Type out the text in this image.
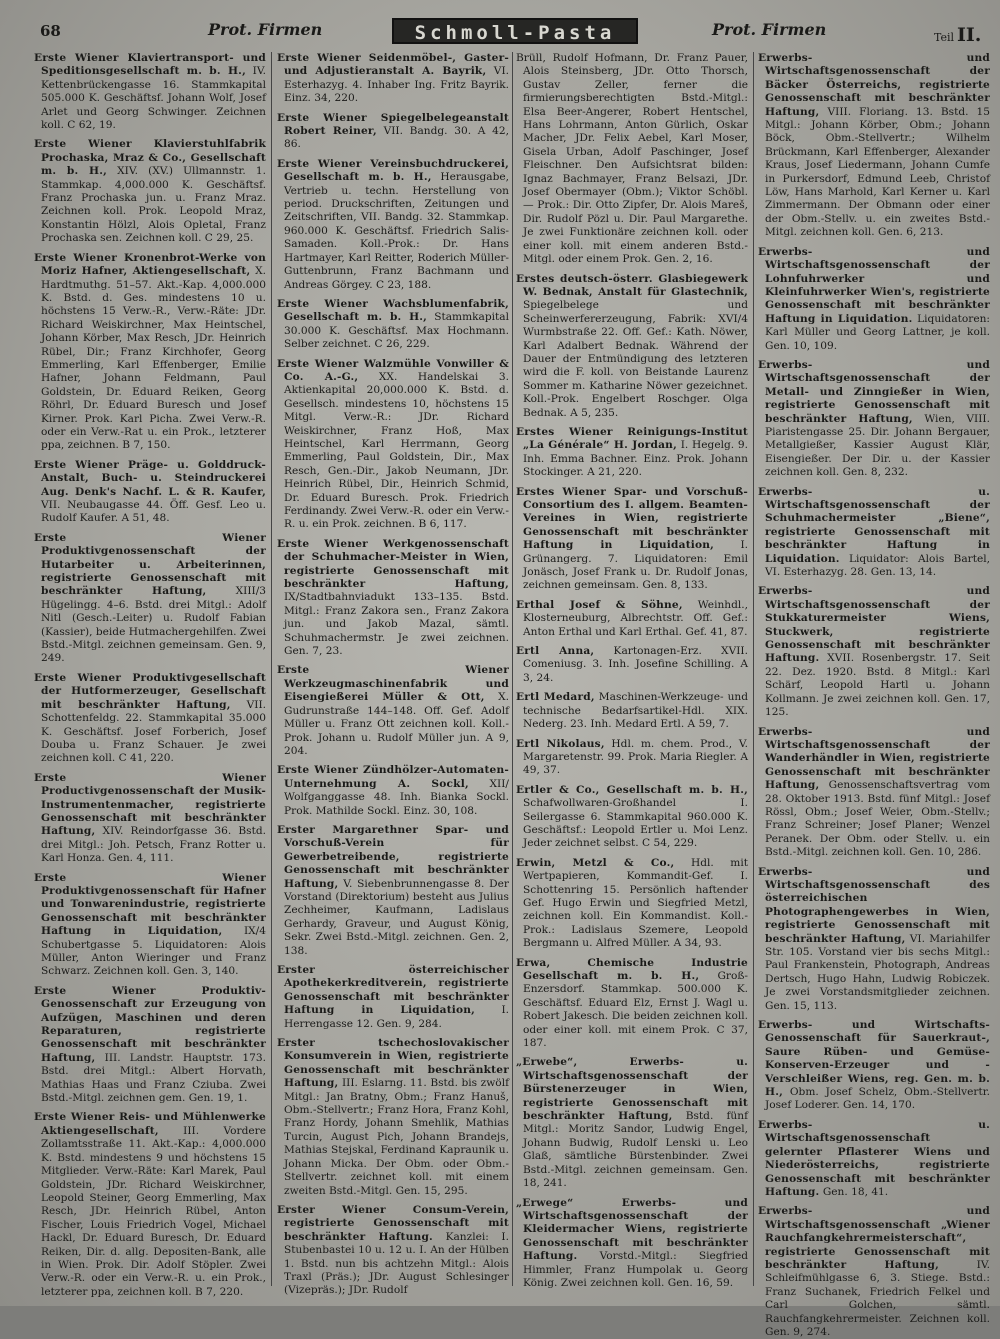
68	Prot. Firmen	Schmoll-Pasta	Prot. Firmen	Teil II.

Erste Wiener Klaviertransport- und Speditionsgesellschaft m. b. H., IV. Kettenbrückengasse 16. Stammkapital 505.000 K. Geschäftsf. Johann Wolf, Josef Arlet und Georg Schwinger. Zeichnen koll. C 62, 19.

Erste Wiener Klavierstuhlfabrik Prochaska, Mraz & Co., Gesellschaft m. b. H., XIV. (XV.) Ullmannstr. 1. Stammkap. 4,000.000 K. Geschäftsf. Franz Prochaska jun. u. Franz Mraz. Zeichnen koll. Prok. Leopold Mraz, Konstantin Hölzl, Alois Opletal, Franz Prochaska sen. Zeichnen koll. C 29, 25.

Erste Wiener Kronenbrot-Werke von Moriz Hafner, Aktiengesellschaft, X. Hardtmuthg. 51–57. Akt.-Kap. 4,000.000 K. Bstd. d. Ges. mindestens 10 u. höchstens 15 Verw.-R., Verw.-Räte: JDr. Richard Weiskirchner, Max Heintschel, Johann Körber, Max Resch, JDr. Heinrich Rübel, Dir.; Franz Kirchhofer, Georg Emmerling, Karl Effenberger, Emilie Hafner, Johann Feldmann, Paul Goldstein, Dr. Eduard Reiken, Georg Röhrl, Dr. Eduard Buresch und Josef Kirner. Prok. Karl Picha. Zwei Verw.-R. oder ein Verw.-Rat u. ein Prok., letzterer ppa, zeichnen. B 7, 150.

Erste Wiener Präge- u. Golddruck-Anstalt, Buch- u. Steindruckerei Aug. Denk's Nachf. L. & R. Kaufer, VII. Neubaugasse 44. Öff. Gesf. Leo u. Rudolf Kaufer. A 51, 48.

Erste Wiener Produktivgenossenschaft der Hutarbeiter u. Arbeiterinnen, registrierte Genossenschaft mit beschränkter Haftung,	XIII/3 Hügelingg. 4–6. Bstd. drei Mitgl.: Adolf Nitl (Gesch.-Leiter) u. Rudolf Fabian (Kassier), beide Hutmachergehilfen. Zwei Bstd.-Mitgl. zeichnen gemeinsam. Gen. 9, 249.

Erste Wiener Produktivgesellschaft der Hutformerzeuger, Gesellschaft mit beschränkter Haftung, VII. Schottenfeldg. 22. Stammkapital 35.000 K. Geschäftsf. Josef Forberich, Josef Douba u. Franz Schauer. Je zwei zeichnen koll. C 41, 220.

Erste Wiener Productivgenossenschaft der Musik-Instrumentenmacher, registrierte Genossenschaft mit beschränkter Haftung, XIV. Reindorfgasse 36. Bstd. drei Mitgl.: Joh. Petsch, Franz Rotter u. Karl Honza. Gen. 4, 111.

Erste Wiener Produktivgenossenschaft für Hafner und Tonwarenindustrie, registrierte Genossenschaft mit beschränkter Haftung in Liquidation, IX/4 Schubertgasse 5. Liquidatoren: Alois Müller, Anton Wieringer und Franz Schwarz. Zeichnen koll. Gen. 3, 140.

Erste Wiener Produktiv-Genossenschaft zur Erzeugung von Aufzügen, Maschinen und deren Reparaturen, registrierte Genossenschaft mit beschränkter Haftung, III. Landstr. Hauptstr. 173. Bstd. drei Mitgl.: Albert Horvath, Mathias Haas und Franz Cziuba. Zwei Bstd.-Mitgl. zeichnen gem. Gen. 19, 1.

Erste Wiener Reis- und Mühlenwerke Aktiengesellschaft, III. Vordere Zollamtsstraße 11. Akt.-Kap.: 4,000.000 K. Bstd. mindestens 9 und höchstens 15 Mitglieder. Verw.-Räte: Karl Marek, Paul Goldstein, JDr. Richard Weiskirchner, Leopold Steiner, Georg Emmerling, Max Resch, JDr. Heinrich Rübel, Anton Fischer, Louis Friedrich Vogel, Michael Hackl, Dr. Eduard Buresch, Dr. Eduard Reiken, Dir. d. allg. Depositen-Bank, alle in Wien. Prok. Dir. Adolf Stöpler. Zwei Verw.-R. oder ein Verw.-R. u. ein Prok., letzterer ppa, zeichnen koll. B 7, 220.

Erste Wiener Seidenmöbel-, Gaster- und Adjustieranstalt A. Bayrik, VI. Esterhazyg. 4. Inhaber Ing. Fritz Bayrik. Einz. 34, 220.

Erste Wiener Spiegelbelegeanstalt Robert Reiner, VII. Bandg. 30. A 42, 86.

Erste Wiener Vereinsbuchdruckerei, Gesellschaft m. b. H., Herausgabe, Vertrieb u. techn. Herstellung von period. Druckschriften, Zeitungen und Zeitschriften, VII. Bandg. 32. Stammkap. 960.000 K. Geschäftsf. Friedrich Salis-Samaden. Koll.-Prok.: Dr. Hans Hartmayer, Karl Reitter, Roderich Müller-Guttenbrunn, Franz Bachmann und Andreas Görgey. C 23, 188.

Erste Wiener Wachsblumenfabrik, Gesellschaft m. b. H., Stammkapital 30.000 K. Geschäftsf. Max Hochmann. Selber zeichnet. C 26, 229.

Erste Wiener Walzmühle Vonwiller & Co. A.-G., XX. Handelskai 3. Aktienkapital 20,000.000 K. Bstd. d. Gesellsch. mindestens 10, höchstens 15 Mitgl. Verw.-R.: JDr. Richard Weiskirchner, Franz Hoß, Max Heintschel, Karl Herrmann, Georg Emmerling, Paul Goldstein, Dir., Max Resch, Gen.-Dir., Jakob Neumann, JDr. Heinrich Rübel, Dir., Heinrich Schmid, Dr. Eduard Buresch. Prok. Friedrich Ferdinandy. Zwei Verw.-R. oder ein Verw.-R. u. ein Prok. zeichnen. B 6, 117.

Erste Wiener Werkgenossenschaft der Schuhmacher-Meister in Wien, registrierte Genossenschaft mit beschränkter Haftung, IX/Stadtbahnviadukt 133–135. Bstd. Mitgl.: Franz Zakora sen., Franz Zakora jun. und Jakob Mazal, sämtl. Schuhmachermstr. Je zwei zeichnen. Gen. 7, 23.

Erste Wiener Werkzeugmaschinenfabrik und Eisengießerei Müller & Ott, X. Gudrunstraße 144–148. Off. Gef. Adolf Müller u. Franz Ott zeichnen koll. Koll.-Prok. Johann u. Rudolf Müller jun. A 9, 204.

Erste Wiener Zündhölzer-Automaten-Unternehmung A. Sockl, XII/ Wolfganggasse 48. Inh. Bianka Sockl. Prok. Mathilde Sockl. Einz. 30, 108.

Erster Margarethner Spar- und Vorschuß-Verein für Gewerbetreibende, registrierte Genossenschaft mit beschränkter Haftung, V. Siebenbrunnengasse 8. Der Vorstand (Direktorium) besteht aus Julius Zechheimer, Kaufmann, Ladislaus Gerhardy, Graveur, und August König, Sekr. Zwei Bstd.-Mitgl. zeichnen. Gen. 2, 138.

Erster österreichischer Apothekerkreditverein, registrierte Genossenschaft mit beschränkter Haftung in Liquidation, I. Herrengasse 12. Gen. 9, 284.

Erster tschechoslovakischer Konsumverein in Wien, registrierte Genossenschaft mit beschränkter Haftung, III. Eslarng. 11. Bstd. bis zwölf Mitgl.: Jan Bratny, Obm.; Franz Hanuš, Obm.-Stellvertr.; Franz Hora, Franz Kohl, Franz Hordy, Johann Smehlik, Mathias Turcin, August Pich, Johann Brandejs, Mathias Stejskal, Ferdinand Kapraunik u. Johann Micka. Der Obm. oder Obm.-Stellvertr. zeichnet koll. mit einem zweiten Bstd.-Mitgl. Gen. 15, 295.

Erster Wiener Consum-Verein, registrierte Genossenschaft mit beschränkter Haftung. Kanzlei: I. Stubenbastei 10 u. 12 u. I. An der Hülben 1. Bstd. nun bis achtzehn Mitgl.: Alois Traxl (Präs.); JDr. August Schlesinger (Vizepräs.); JDr. Rudolf

Brüll, Rudolf Hofmann, Dr. Franz Pauer, Alois Steinsberg, JDr. Otto Thorsch, Gustav Zeller, ferner die firmierungsberechtigten Bstd.-Mitgl.: Elsa Beer-Angerer, Robert Hentschel, Hans Lohrmann, Anton Gürlich, Oskar Macher, JDr. Felix Aebel, Karl Moser, Gisela Urban, Adolf Paschinger, Josef Fleischner. Den Aufsichtsrat bilden: Ignaz Bachmayer, Franz Belsazi, JDr. Josef Obermayer (Obm.); Viktor Schöbl. — Prok.: Dir. Otto Zipfer, Dr. Alois Mareš, Dir. Rudolf Pözl u. Dir. Paul Margarethe. Je zwei Funktionäre zeichnen koll. oder einer koll. mit einem anderen Bstd.-Mitgl. oder einem Prok. Gen. 2, 16.

Erstes deutsch-österr. Glasbiegewerk W. Bednak, Anstalt für Glastechnik, Spiegelbelege und Scheinwerfererzeugung, Fabrik: XVI/4 Wurmbstraße 22. Off. Gef.: Kath. Nöwer, Karl Adalbert Bednak. Während der Dauer der Entmündigung des letzteren wird die F. koll. von Beistande Laurenz Sommer m. Katharine Nöwer gezeichnet. Koll.-Prok. Engelbert Roschger. Olga Bednak. A 5, 235.

Erstes Wiener Reinigungs-Institut „La Générale“ H. Jordan, I. Hegelg. 9. Inh. Emma Bachner. Einz. Prok. Johann Stockinger. A 21, 220.

Erstes Wiener Spar- und Vorschuß-Consortium des I. allgem. Beamten-Vereines in Wien, registrierte Genossenschaft mit beschränkter Haftung in Liquidation, I. Grünangerg. 7. Liquidatoren: Emil Jonäsch, Josef Frank u. Dr. Rudolf Jonas, zeichnen gemeinsam. Gen. 8, 133.

Erthal Josef & Söhne, Weinhdl., Klosterneuburg, Albrechtstr. Off. Gef.: Anton Erthal und Karl Erthal. Gef. 41, 87.

Ertl Anna, Kartonagen-Erz. XVII. Comeniusg. 3. Inh. Josefine Schilling. A 3, 24.

Ertl Medard, Maschinen-Werkzeuge- und technische Bedarfsartikel-Hdl. XIX. Nederg. 23. Inh. Medard Ertl. A 59, 7.

Ertl Nikolaus, Hdl. m. chem. Prod., V. Margaretenstr. 99. Prok. Maria Riegler. A 49, 37.

Ertler & Co., Gesellschaft m. b. H., Schafwollwaren-Großhandel I. Seilergasse 6. Stammkapital 960.000 K. Geschäftsf.: Leopold Ertler u. Moi Lenz. Jeder zeichnet selbst. C 54, 229.

Erwin, Metzl & Co., Hdl. mit Wertpapieren, Kommandit-Gef. I. Schottenring 15. Persönlich haftender Gef. Hugo Erwin und Siegfried Metzl, zeichnen koll. Ein Kommandist. Koll.-Prok.: Ladislaus Szemere, Leopold Bergmann u. Alfred Müller. A 34, 93.

Erwa, Chemische Industrie Gesellschaft m. b. H., Groß-Enzersdorf. Stammkap. 500.000 K. Geschäftsf. Eduard Elz, Ernst J. Wagl u. Robert Jakesch. Die beiden zeichnen koll. oder einer koll. mit einem Prok. C 37, 187.

„Erwebe“, Erwerbs- u. Wirtschaftsgenossenschaft der Bürstenerzeuger in Wien, registrierte Genossenschaft mit beschränkter Haftung, Bstd. fünf Mitgl.: Moritz Sandor, Ludwig Engel, Johann Budwig, Rudolf Lenski u. Leo Glaß, sämtliche Bürstenbinder. Zwei Bstd.-Mitgl. zeichnen gemeinsam. Gen. 18, 241.

„Erwege“ Erwerbs- und Wirtschaftsgenossenschaft der Kleidermacher Wiens, registrierte Genossenschaft mit beschränkter Haftung. Vorstd.-Mitgl.: Siegfried Himmler, Franz Humpolak u. Georg König. Zwei zeichnen koll. Gen. 16, 59.

Erwerbs- und Wirtschaftsgenossenschaft der Bäcker Österreichs, registrierte Genossenschaft mit beschränkter Haftung, VIII. Floriang. 13. Bstd. 15 Mitgl.: Johann Körber, Obm.; Johann Böck, Obm.-Stellvertr.; Wilhelm Brückmann, Karl Effenberger, Alexander Kraus, Josef Liedermann, Johann Cumfe in Purkersdorf, Edmund Leeb, Christof Löw, Hans Marhold, Karl Kerner u. Karl Zimmermann. Der Obmann oder einer der Obm.-Stellv. u. ein zweites Bstd.-Mitgl. zeichnen koll. Gen. 6, 213.

Erwerbs- und Wirtschaftsgenossenschaft der Lohnfuhrwerker und Kleinfuhrwerker Wien's, registrierte Genossenschaft mit beschränkter Haftung in Liquidation. Liquidatoren: Karl Müller und Georg Lattner, je koll. Gen. 10, 109.

Erwerbs- und Wirtschaftsgenossenschaft der Metall- und Zinngießer in Wien, registrierte Genossenschaft mit beschränkter Haftung, Wien, VIII. Piaristengasse 25. Dir. Johann Bergauer, Metallgießer, Kassier August Klär, Eisengießer. Der Dir. u. der Kassier zeichnen koll. Gen. 8, 232.

Erwerbs- u. Wirtschaftsgenossenschaft der Schuhmachermeister „Biene“, registrierte Genossenschaft mit beschränkter Haftung in Liquidation. Liquidator: Alois Bartel, VI. Esterhazyg. 28. Gen. 13, 14.

Erwerbs- und Wirtschaftsgenossenschaft der Stukkaturermeister Wiens, Stuckwerk, registrierte Genossenschaft mit beschränkter Haftung. XVII. Rosenbergstr. 17. Seit 22. Dez. 1920. Bstd. 8 Mitgl.: Karl Schärf, Leopold Hartl u. Johann Kollmann. Je zwei zeichnen koll. Gen. 17, 125.

Erwerbs- und Wirtschaftsgenossenschaft der Wanderhändler in Wien, registrierte Genossenschaft mit beschränkter Haftung, Genossenschaftsvertrag vom 28. Oktober 1913. Bstd. fünf Mitgl.: Josef Rössl, Obm.; Josef Weier, Obm.-Stellv.; Franz Schreiner; Josef Planer; Wenzel Peranek. Der Obm. oder Stellv. u. ein Bstd.-Mitgl. zeichnen koll. Gen. 10, 286.

Erwerbs- und Wirtschaftsgenossenschaft des österreichischen Photographengewerbes in Wien, registrierte Genossenschaft mit beschränkter Haftung, VI. Mariahilfer Str. 105. Vorstand vier bis sechs Mitgl.: Paul Frankenstein, Photograph, Andreas Dertsch, Hugo Hahn, Ludwig Robiczek. Je zwei Vorstandsmitglieder zeichnen. Gen. 15, 113.

Erwerbs- und Wirtschafts-Genossenschaft für Sauerkraut-, Saure Rüben- und Gemüse-Konserven-Erzeuger und -Verschleißer Wiens, reg. Gen. m. b. H., Obm. Josef Schelz, Obm.-Stellvertr. Josef Loderer. Gen. 14, 170.

Erwerbs- u. Wirtschaftsgenossenschaft gelernter Pflasterer Wiens und Niederösterreichs, registrierte Genossenschaft mit beschränkter Haftung. Gen. 18, 41.

Erwerbs- und Wirtschaftsgenossenschaft „Wiener Rauchfangkehrermeisterschaft“, registrierte Genossenschaft mit beschränkter Haftung,	IV. Schleifmühlgasse 6, 3. Stiege. Bstd.: Franz Suchanek, Friedrich Felkel und Carl Golchen, sämtl. Rauchfangkehrermeister. Zeichnen koll. Gen. 9, 274.
